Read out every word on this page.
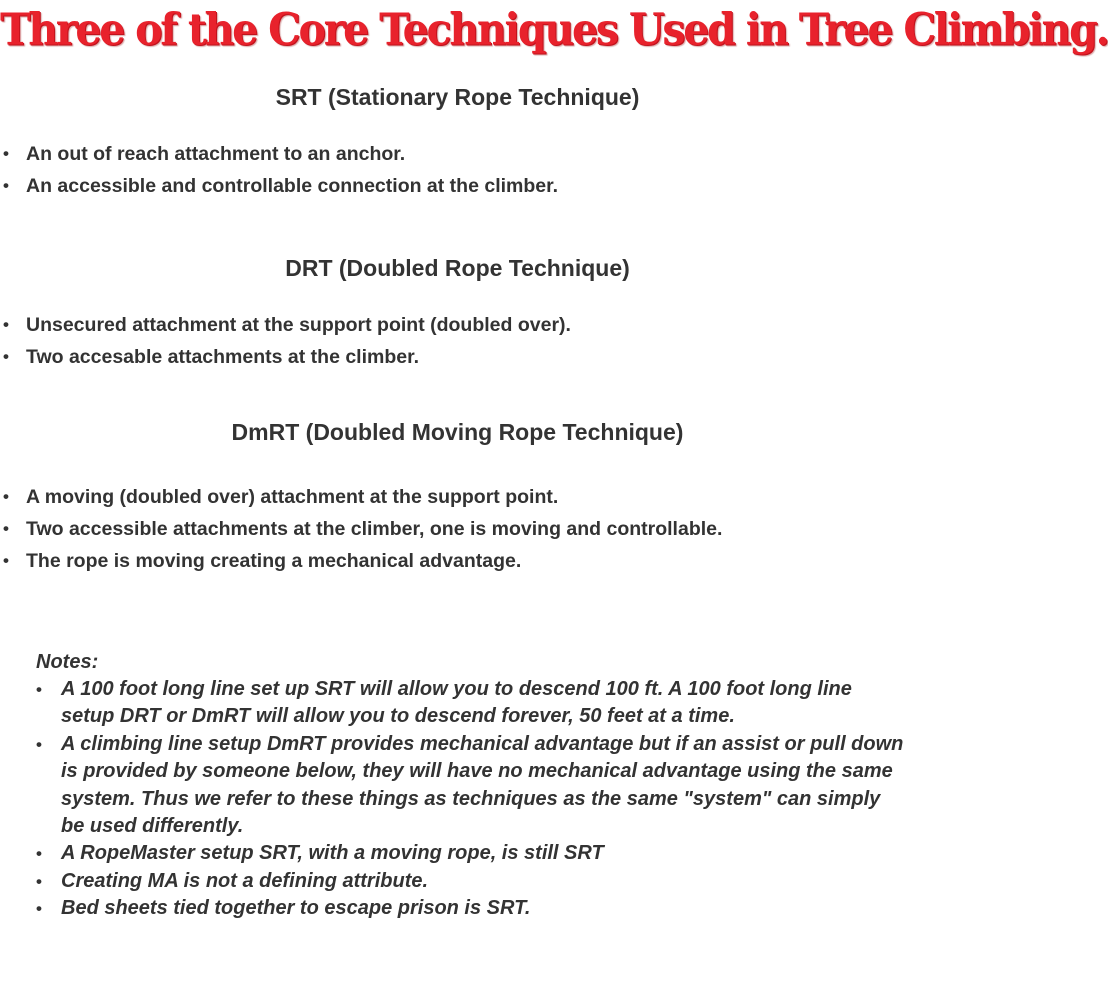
Three of the Core Techniques Used in Tree Climbing.
SRT (Stationary Rope Technique)
• An out of reach attachment to an anchor.
• An accessible and controllable connection at the climber.
DRT (Doubled Rope Technique)
• Unsecured attachment at the support point (doubled over).
• Two accesable attachments at the climber.
DmRT (Doubled Moving Rope Technique)
• A moving (doubled over) attachment at the support point.
• Two accessible attachments at the climber, one is moving and controllable.
• The rope is moving creating a mechanical advantage.
Notes:
• A 100 foot long line set up SRT will allow you to descend 100 ft. A 100 foot long line setup DRT or DmRT will allow you to descend forever, 50 feet at a time.
• A climbing line setup DmRT provides mechanical advantage but if an assist or pull down is provided by someone below, they will have no mechanical advantage using the same system. Thus we refer to these things as techniques as the same "system" can simply be used differently.
• A RopeMaster setup SRT, with a moving rope, is still SRT
• Creating MA is not a defining attribute.
• Bed sheets tied together to escape prison is SRT.
